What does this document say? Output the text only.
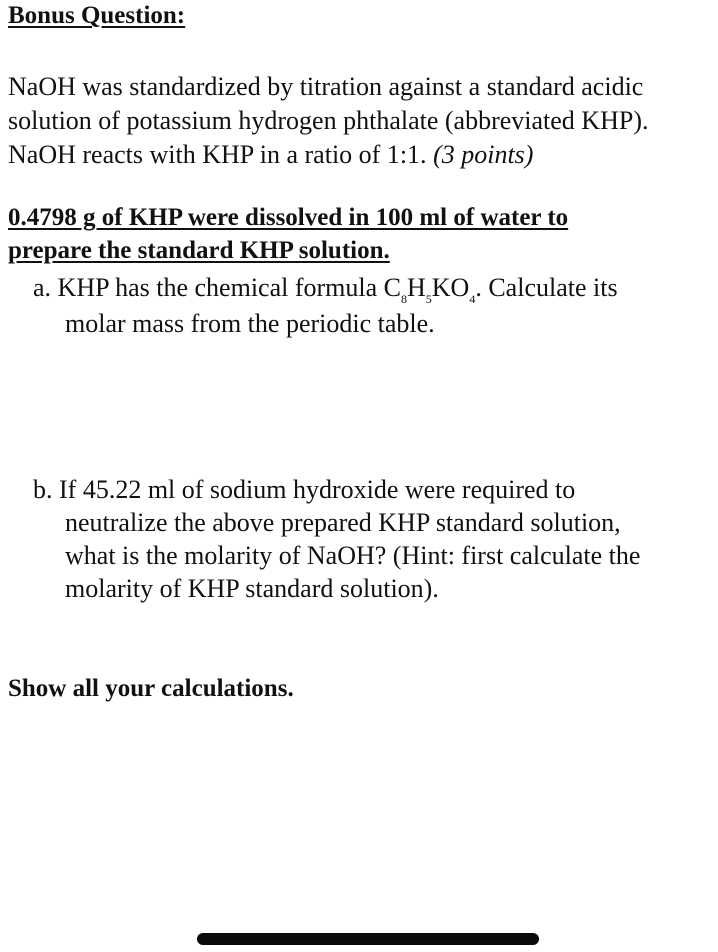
Bonus Question:
NaOH was standardized by titration against a standard acidic
solution of potassium hydrogen phthalate (abbreviated KHP).
NaOH reacts with KHP in a ratio of 1:1. (3 points)
0.4798 g of KHP were dissolved in 100 ml of water to
prepare the standard KHP solution.
a. KHP has the chemical formula $C_8H_5KO_4$. Calculate its
molar mass from the periodic table.
b. If 45.22 ml of sodium hydroxide were required to
neutralize the above prepared KHP standard solution,
what is the molarity of NaOH? (Hint: first calculate the
molarity of KHP standard solution).
Show all your calculations.
